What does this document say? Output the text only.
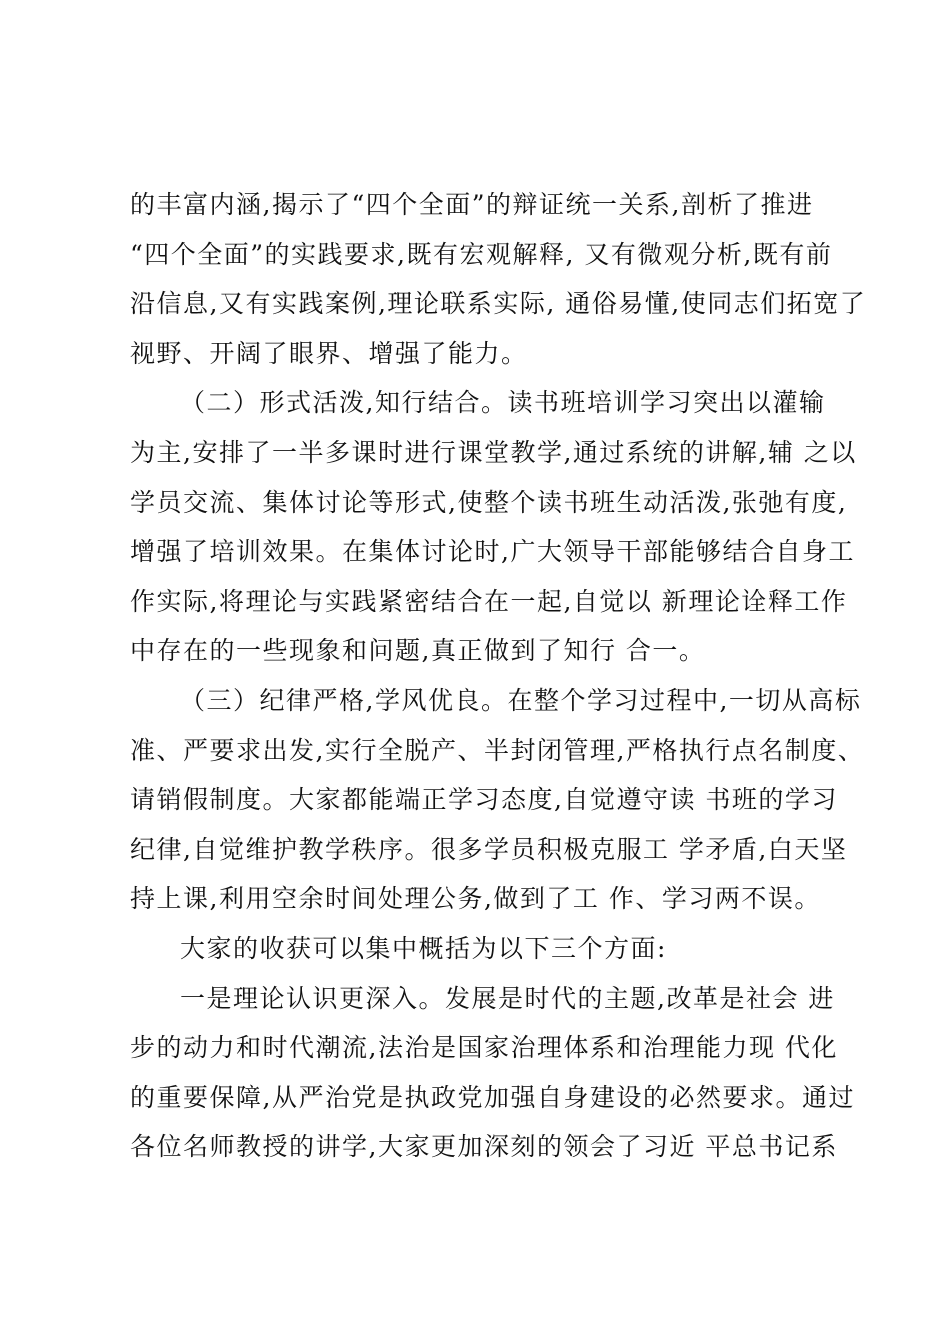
的丰富内涵,揭示了“四个全面”的辩证统一关系,剖析了推进
“四个全面”的实践要求,既有宏观解释, 又有微观分析,既有前
沿信息,又有实践案例,理论联系实际, 通俗易懂,使同志们拓宽了
视野、开阔了眼界、增强了能力。
（二）形式活泼,知行结合。读书班培训学习突出以灌输
为主,安排了一半多课时进行课堂教学,通过系统的讲解,辅 之以
学员交流、集体讨论等形式,使整个读书班生动活泼,张弛有度,
增强了培训效果。在集体讨论时,广大领导干部能够结合自身工
作实际,将理论与实践紧密结合在一起,自觉以 新理论诠释工作
中存在的一些现象和问题,真正做到了知行 合一。
（三）纪律严格,学风优良。在整个学习过程中,一切从高标
准、严要求出发,实行全脱产、半封闭管理,严格执行点名制度、
请销假制度。大家都能端正学习态度,自觉遵守读 书班的学习
纪律,自觉维护教学秩序。很多学员积极克服工 学矛盾,白天坚
持上课,利用空余时间处理公务,做到了工 作、学习两不误。
大家的收获可以集中概括为以下三个方面:
一是理论认识更深入。发展是时代的主题,改革是社会 进
步的动力和时代潮流,法治是国家治理体系和治理能力现 代化
的重要保障,从严治党是执政党加强自身建设的必然要求。通过
各位名师教授的讲学,大家更加深刻的领会了习近 平总书记系
